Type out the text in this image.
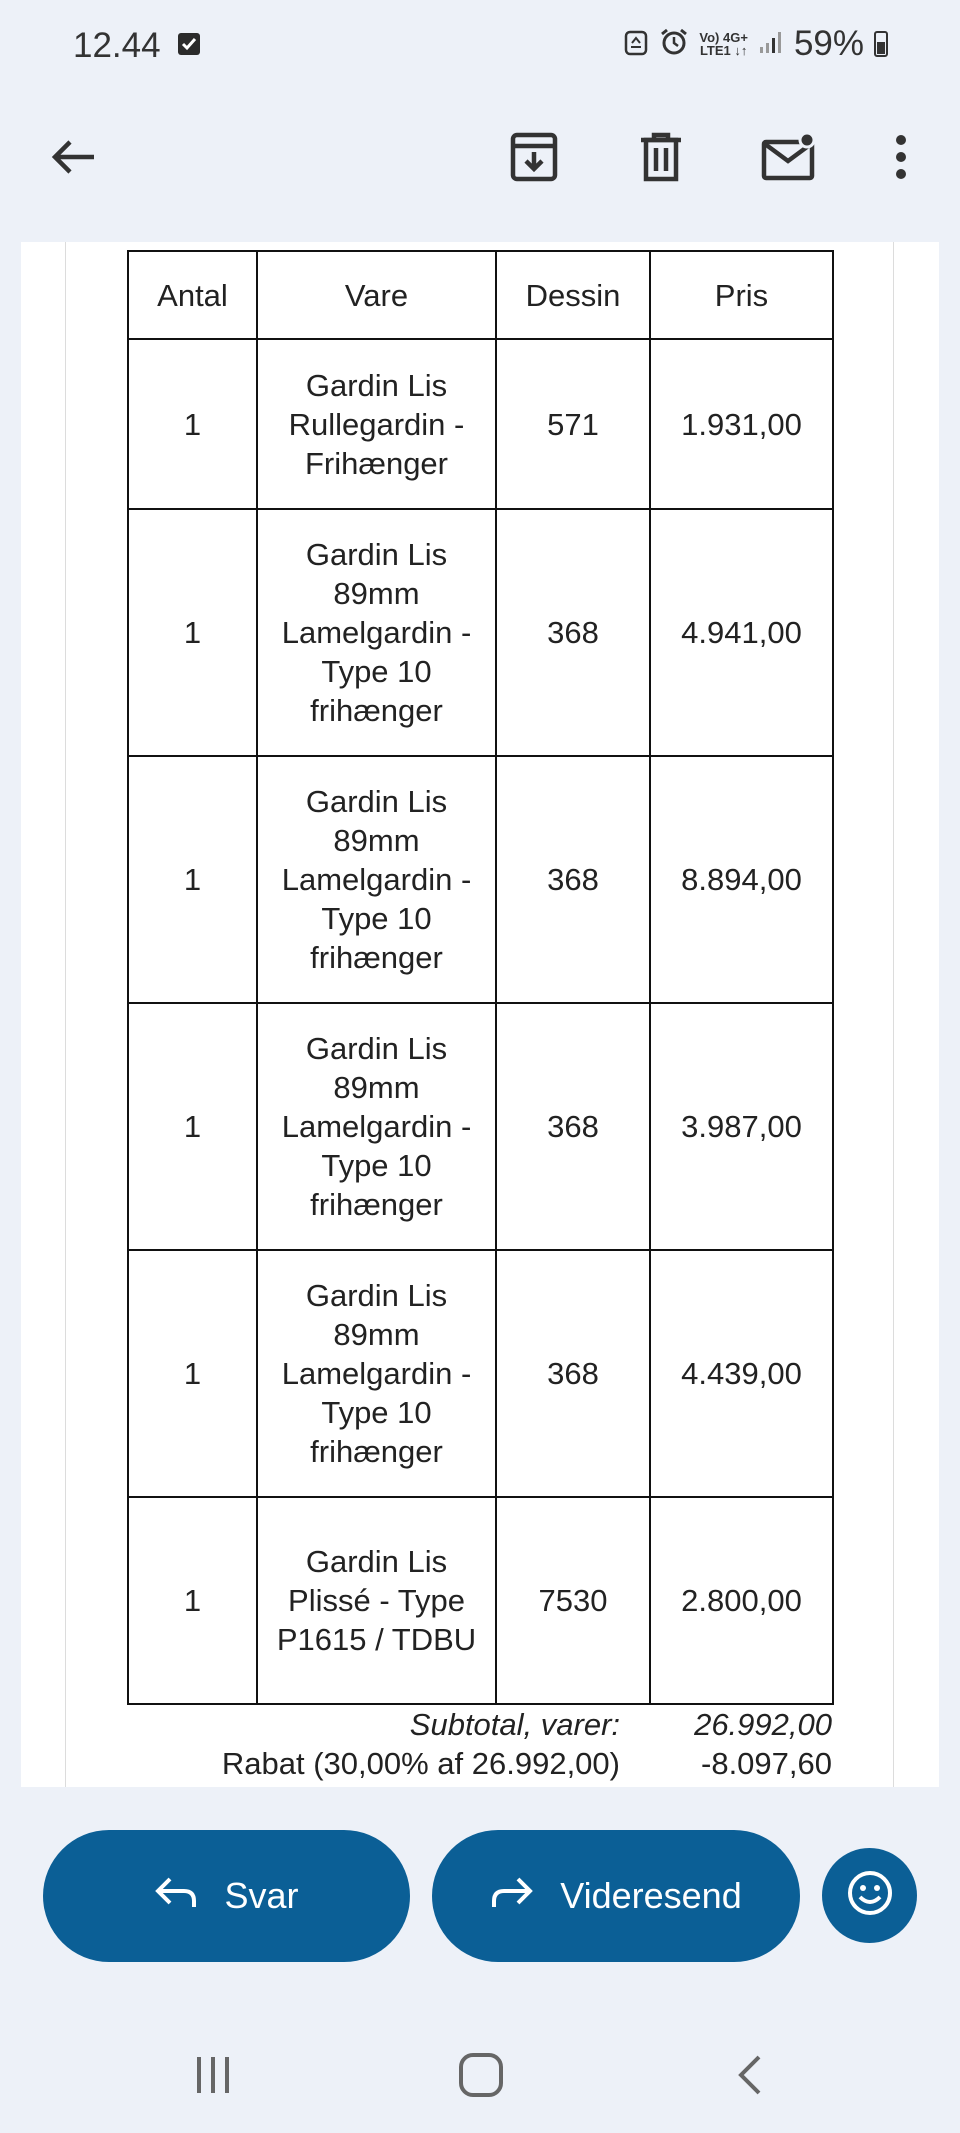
12.44	Vo) 4G+
LTE1 ↓↑ 59%
Antal	Vare	Dessin	Pris
1	Gardin Lis Rullegardin - Frihænger	571	1.931,00
1	Gardin Lis 89mm Lamelgardin - Type 10 frihænger	368	4.941,00
1	Gardin Lis 89mm Lamelgardin - Type 10 frihænger	368	8.894,00
1	Gardin Lis 89mm Lamelgardin - Type 10 frihænger	368	3.987,00
1	Gardin Lis 89mm Lamelgardin - Type 10 frihænger	368	4.439,00
1	Gardin Lis Plissé - Type P1615 / TDBU	7530	2.800,00
Subtotal, varer: 26.992,00
Rabat (30,00% af 26.992,00)	-8.097,60
Svar	Videresend
